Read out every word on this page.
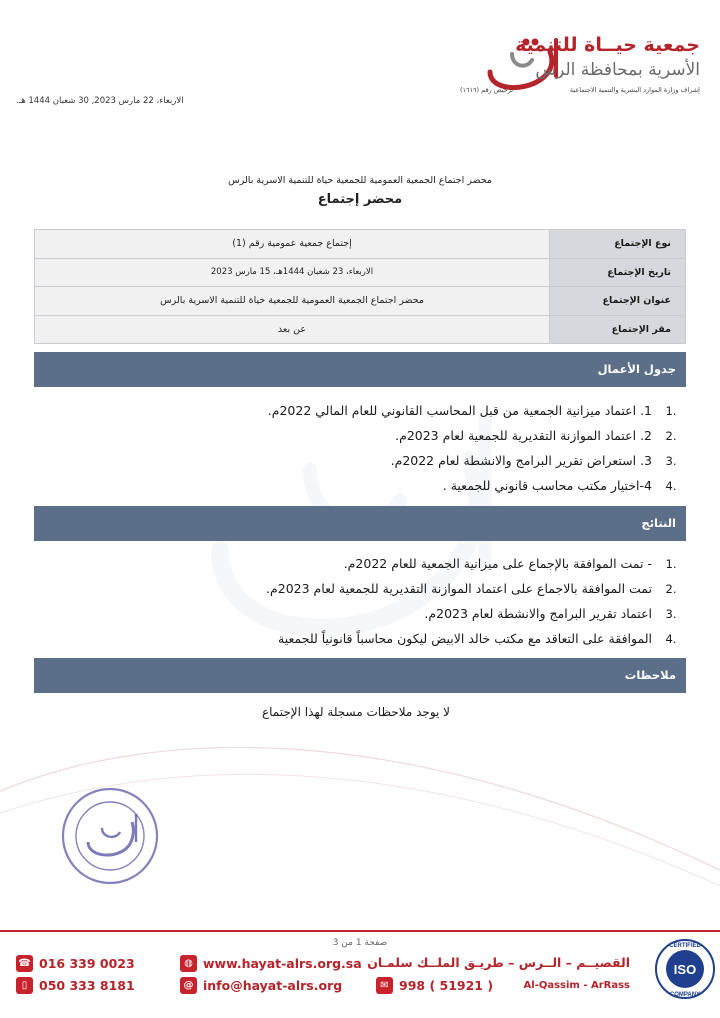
الاربعاء، 22 مارس 2023, 30 شعبان 1444 هـ.
جمعية حيــاة للتنمية
الأسرية بمحافظة الرس
إشراف وزارة الموارد البشرية والتنمية الاجتماعية
ترخيص رقم (١٦١٦)
محضر اجتماع الجمعية العمومية للجمعية حياة للتنمية الاسرية بالرس
محضر إجتماع
نوع الإجتماع	إجتماع جمعية عمومية رقم (1)
تاريخ الإجتماع	الاربعاء، 23 شعبان 1444هـ، 15 مارس 2023
عنوان الإجتماع	محضر اجتماع الجمعية العمومية للجمعية حياة للتنمية الاسرية بالرس
مقر الإجتماع	عن بعد
جدول الأعمال
1.
1. اعتماد ميزانية الجمعية من قبل المحاسب القانوني للعام المالي 2022م.
2.
2. اعتماد الموازنة التقديرية للجمعية لعام 2023م.
3.
3. استعراض تقرير البرامج والانشطة لعام 2022م.
4.
4-اختيار مكتب محاسب قانوني للجمعية .
النتائج
1.
- تمت الموافقة بالإجماع على ميزانية الجمعية للعام 2022م.
2.
تمت الموافقة بالاجماع على اعتماد الموازنة التقديرية للجمعية لعام 2023م.
3.
اعتماد تقرير البرامج والانشطة لعام 2023م.
4.
الموافقة على التعاقد مع مكتب خالد الابيض ليكون محاسباً قانونياً للجمعية
ملاحظات
لا يوجد ملاحظات مسجلة لهذا الإجتماع
صفحة 1 من 3
☎ 016 339 0023
▯ 050 333 8181
◍ www.hayat-alrs.org.sa
@ info@hayat-alrs.org
القصيــم – الــرس – طريـق الملــك سلمـان
✉ 998 ( 51921 )	Al-Qassim - ArRass
ISO
CERTIFIED
COMPANY
